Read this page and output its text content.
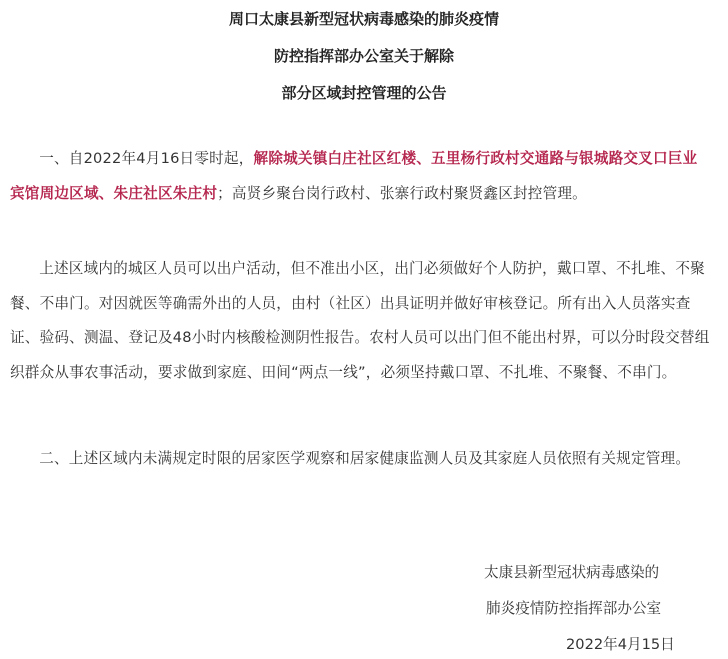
周口太康县新型冠状病毒感染的肺炎疫情

防控指挥部办公室关于解除

部分区域封控管理的公告

一、自2022年4月16日零时起，解除城关镇白庄社区红楼、五里杨行政村交通路与银城路交叉口巨业宾馆周边区域、朱庄社区朱庄村；高贤乡聚台岗行政村、张寨行政村聚贤鑫区封控管理。

上述区域内的城区人员可以出户活动，但不准出小区，出门必须做好个人防护，戴口罩、不扎堆、不聚餐、不串门。对因就医等确需外出的人员，由村（社区）出具证明并做好审核登记。所有出入人员落实查证、验码、测温、登记及48小时内核酸检测阴性报告。农村人员可以出门但不能出村界，可以分时段交替组织群众从事农事活动，要求做到家庭、田间“两点一线”，必须坚持戴口罩、不扎堆、不聚餐、不串门。

二、上述区域内未满规定时限的居家医学观察和居家健康监测人员及其家庭人员依照有关规定管理。

太康县新型冠状病毒感染的

肺炎疫情防控指挥部办公室

2022年4月15日
